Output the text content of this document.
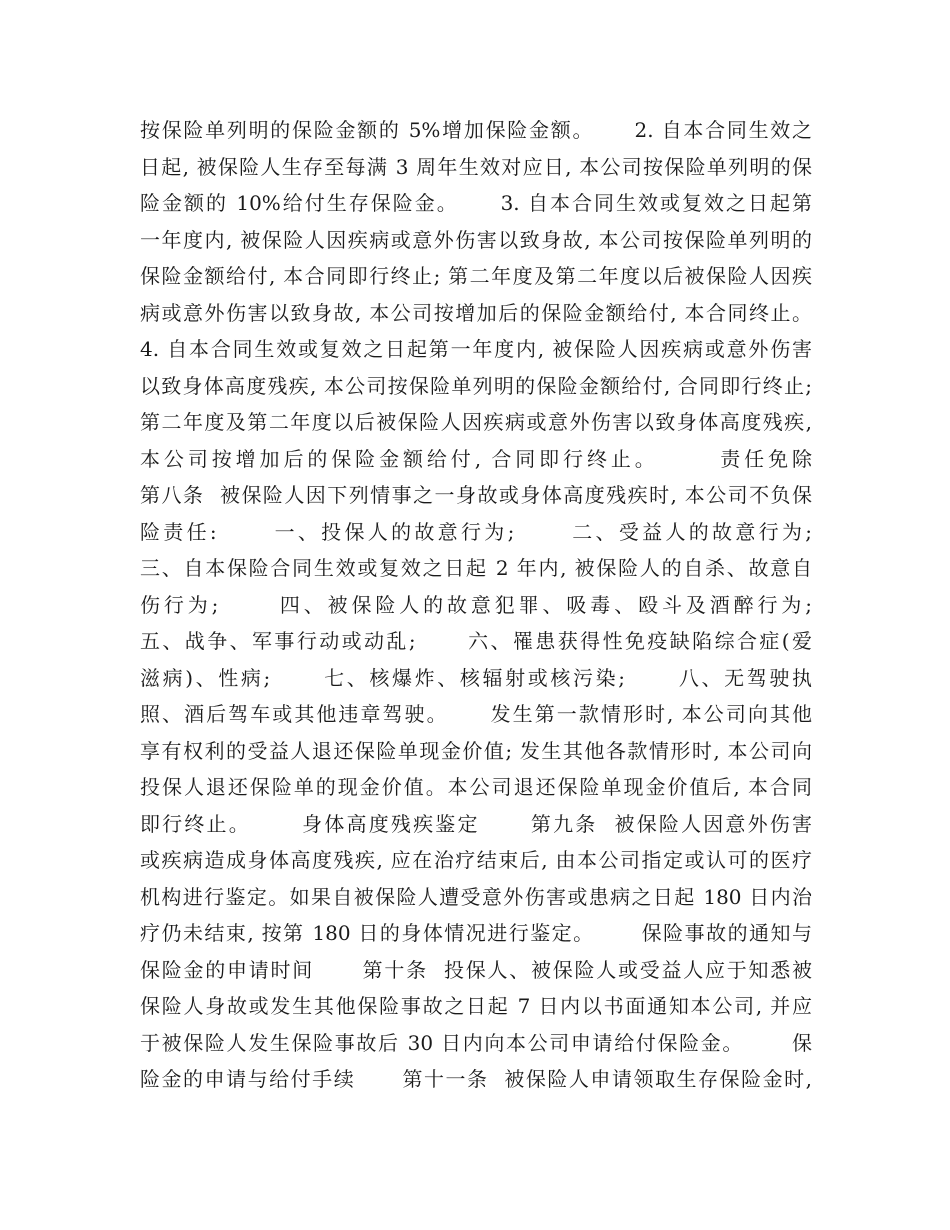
按保险单列明的保险金额的 5%增加保险金额。     2. 自本合同生效之
日起, 被保险人生存至每满 3 周年生效对应日, 本公司按保险单列明的保
险金额的 10%给付生存保险金。     3. 自本合同生效或复效之日起第
一年度内, 被保险人因疾病或意外伤害以致身故, 本公司按保险单列明的
保险金额给付, 本合同即行终止; 第二年度及第二年度以后被保险人因疾
病或意外伤害以致身故, 本公司按增加后的保险金额给付, 本合同终止。
4. 自本合同生效或复效之日起第一年度内, 被保险人因疾病或意外伤害
以致身体高度残疾, 本公司按保险单列明的保险金额给付, 合同即行终止;
第二年度及第二年度以后被保险人因疾病或意外伤害以致身体高度残疾,
本公司按增加后的保险金额给付, 合同即行终止。      责任免除
第八条  被保险人因下列情事之一身故或身体高度残疾时, 本公司不负保
险责任:      一、投保人的故意行为;      二、受益人的故意行为;
三、自本保险合同生效或复效之日起 2 年内, 被保险人的自杀、故意自
伤行为;      四、被保险人的故意犯罪、吸毒、殴斗及酒醉行为;
五、战争、军事行动或动乱;      六、罹患获得性免疫缺陷综合症(爱
滋病)、性病;      七、核爆炸、核辐射或核污染;      八、无驾驶执
照、酒后驾车或其他违章驾驶。     发生第一款情形时, 本公司向其他
享有权利的受益人退还保险单现金价值; 发生其他各款情形时, 本公司向
投保人退还保险单的现金价值。本公司退还保险单现金价值后, 本合同
即行终止。      身体高度残疾鉴定      第九条  被保险人因意外伤害
或疾病造成身体高度残疾, 应在治疗结束后, 由本公司指定或认可的医疗
机构进行鉴定。如果自被保险人遭受意外伤害或患病之日起 180 日内治
疗仍未结束, 按第 180 日的身体情况进行鉴定。      保险事故的通知与
保险金的申请时间      第十条  投保人、被保险人或受益人应于知悉被
保险人身故或发生其他保险事故之日起 7 日内以书面通知本公司, 并应
于被保险人发生保险事故后 30 日内向本公司申请给付保险金。      保
险金的申请与给付手续      第十一条  被保险人申请领取生存保险金时,
